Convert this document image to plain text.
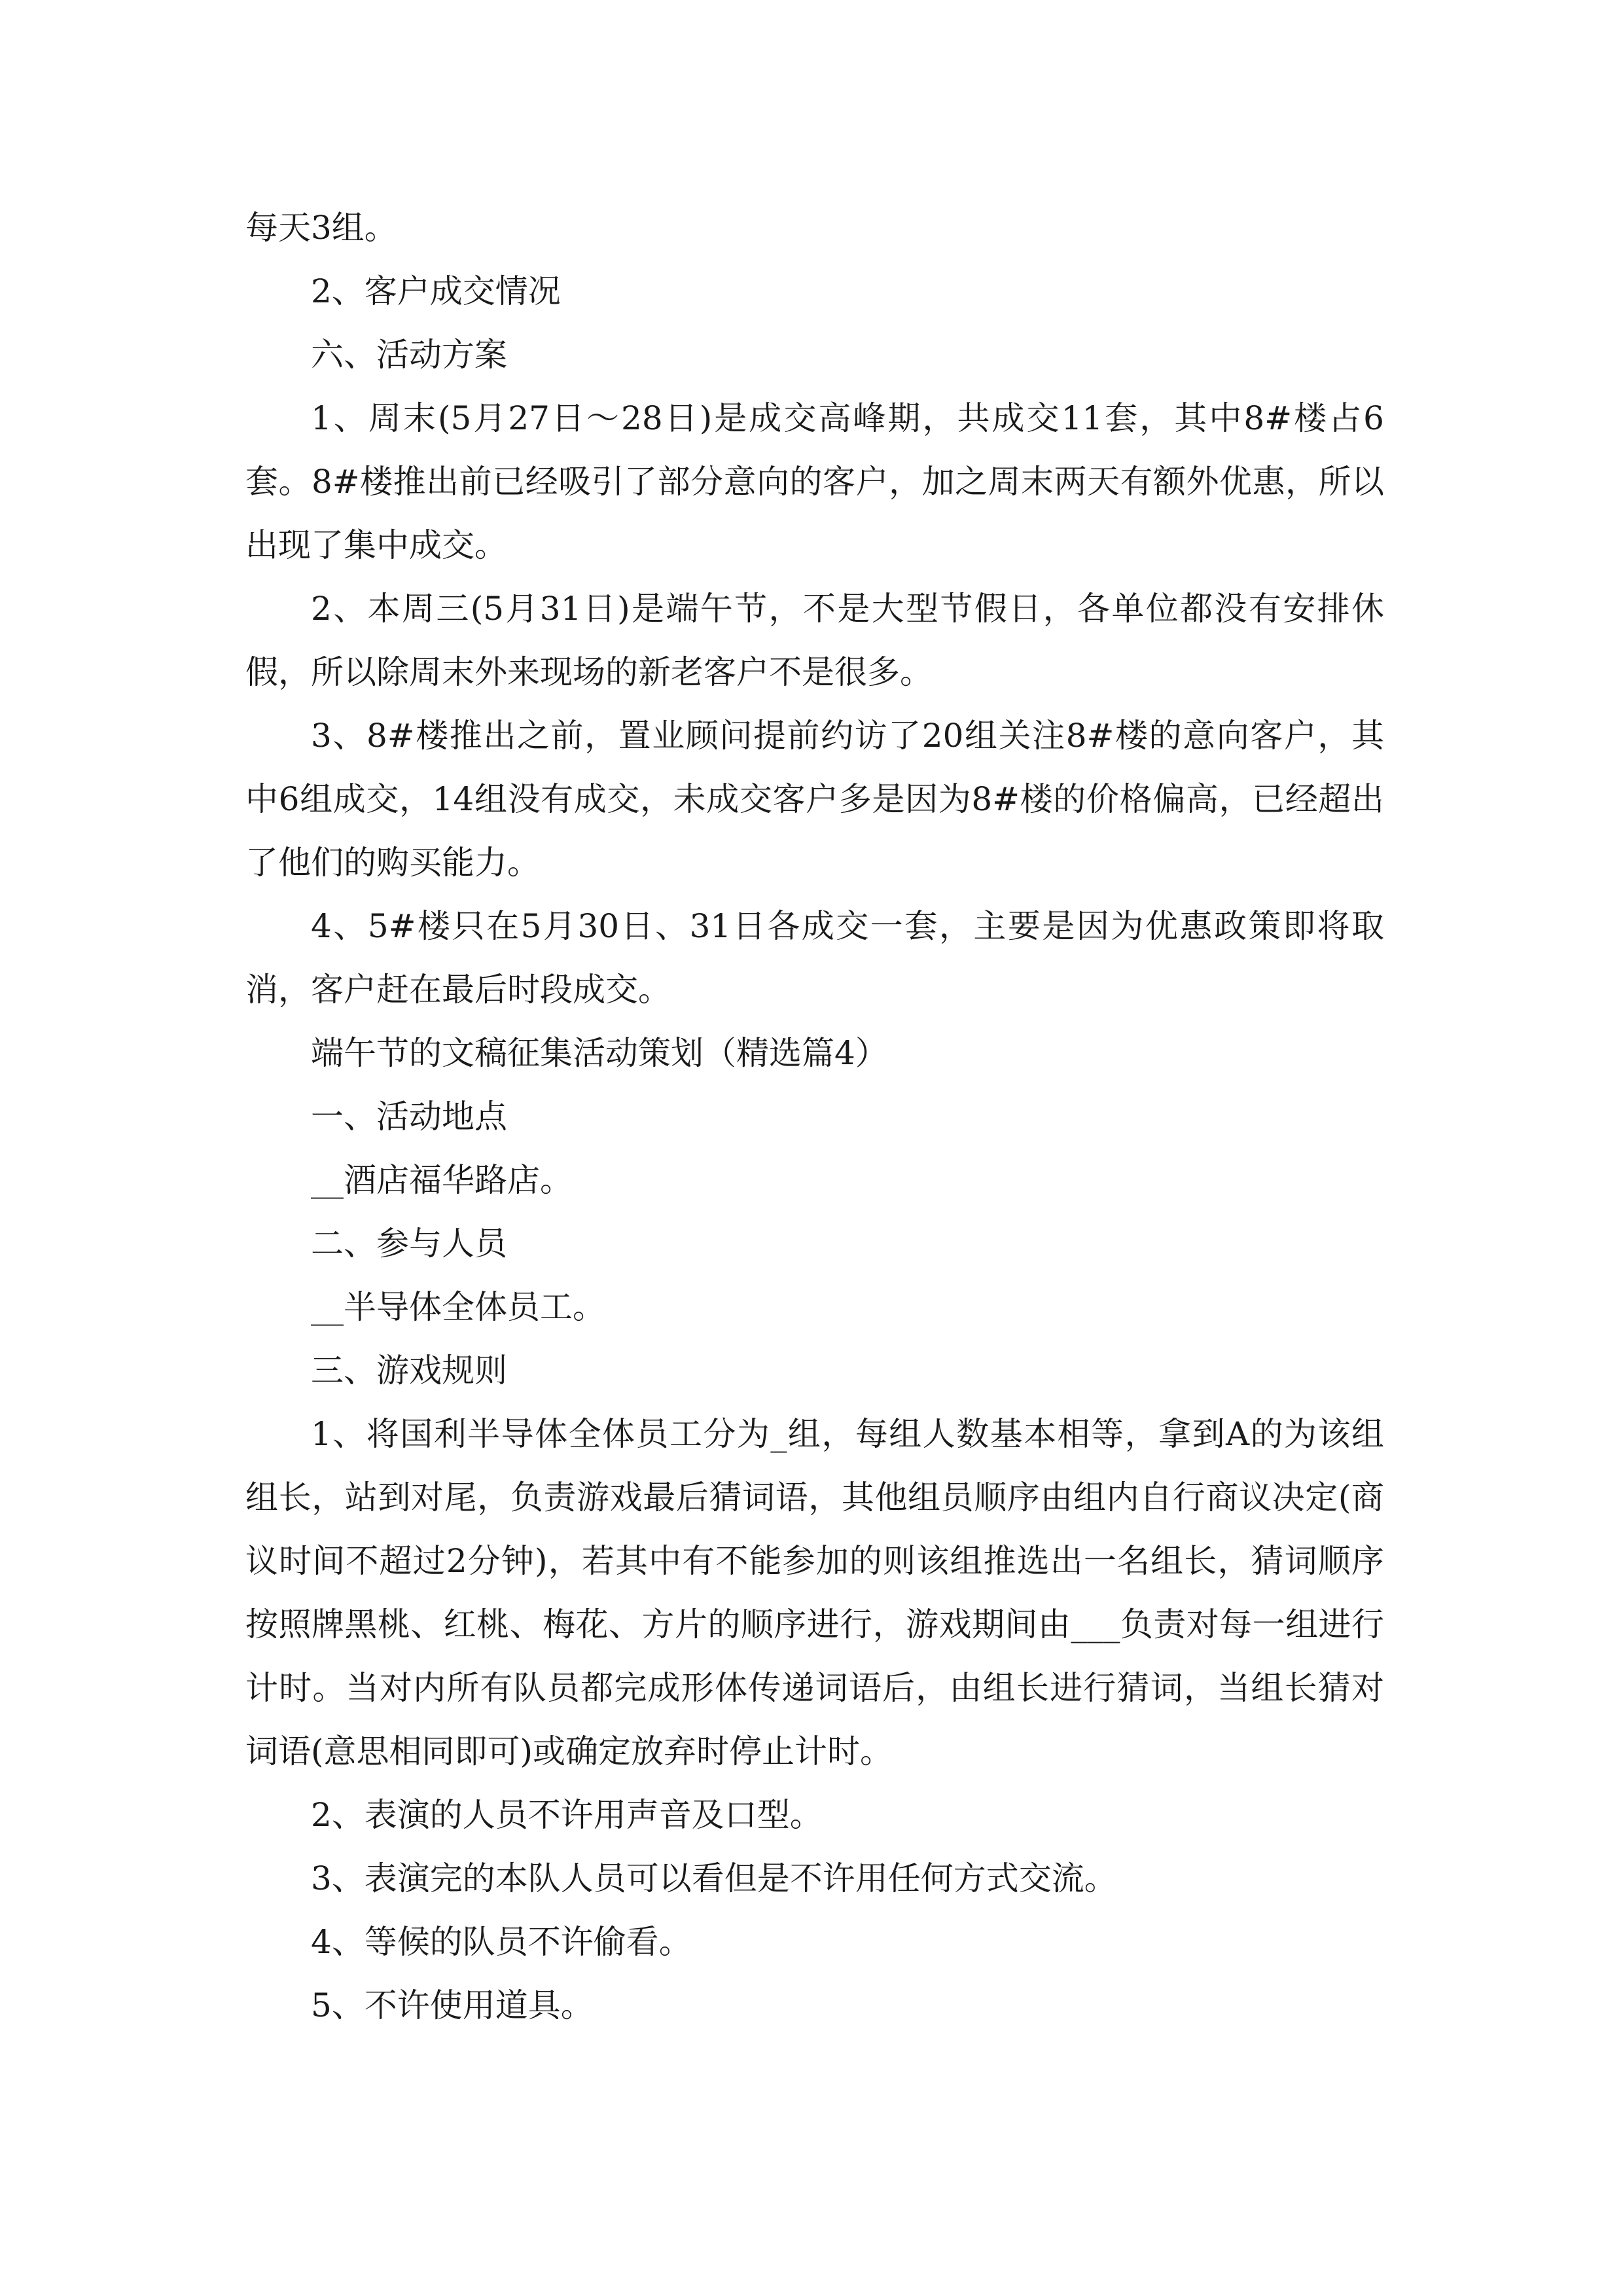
每天3组。

2、客户成交情况

六、活动方案

1、周末(5月27日～28日)是成交高峰期，共成交11套，其中8#楼占6套。8#楼推出前已经吸引了部分意向的客户，加之周末两天有额外优惠，所以出现了集中成交。

2、本周三(5月31日)是端午节，不是大型节假日，各单位都没有安排休假，所以除周末外来现场的新老客户不是很多。

3、8#楼推出之前，置业顾问提前约访了20组关注8#楼的意向客户，其中6组成交，14组没有成交，未成交客户多是因为8#楼的价格偏高，已经超出了他们的购买能力。

4、5#楼只在5月30日、31日各成交一套，主要是因为优惠政策即将取消，客户赶在最后时段成交。

端午节的文稿征集活动策划（精选篇4）

一、活动地点

__酒店福华路店。

二、参与人员

__半导体全体员工。

三、游戏规则

1、将国利半导体全体员工分为_组，每组人数基本相等，拿到A的为该组组长，站到对尾，负责游戏最后猜词语，其他组员顺序由组内自行商议决定(商议时间不超过2分钟)，若其中有不能参加的则该组推选出一名组长，猜词顺序按照牌黑桃、红桃、梅花、方片的顺序进行，游戏期间由___负责对每一组进行计时。当对内所有队员都完成形体传递词语后，由组长进行猜词，当组长猜对词语(意思相同即可)或确定放弃时停止计时。

2、表演的人员不许用声音及口型。

3、表演完的本队人员可以看但是不许用任何方式交流。

4、等候的队员不许偷看。

5、不许使用道具。
